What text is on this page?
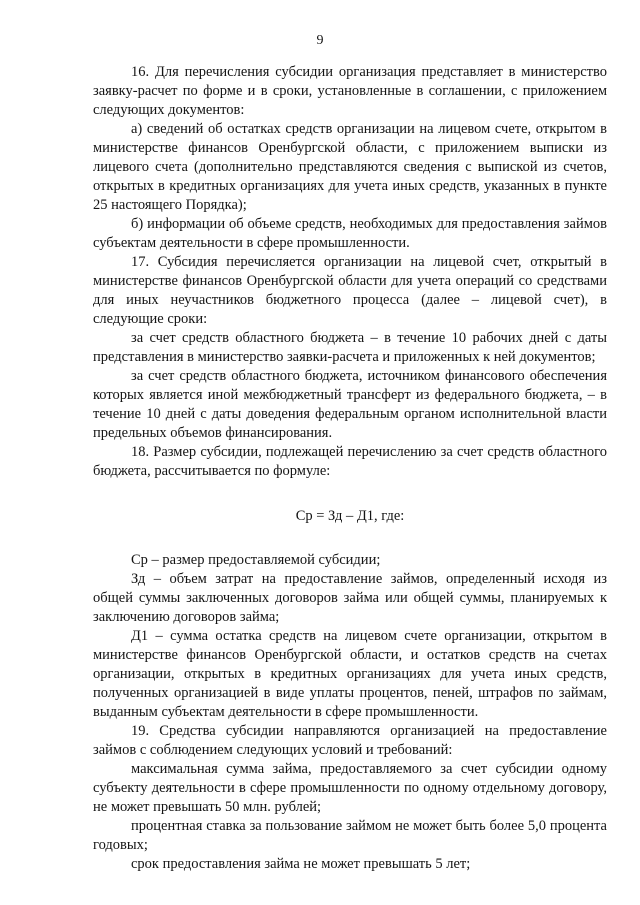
9

16. Для перечисления субсидии организация представляет в министерство заявку-расчет по форме и в сроки, установленные в соглашении, с приложением следующих документов:

а) сведений об остатках средств организации на лицевом счете, открытом в министерстве финансов Оренбургской области, с приложением выписки из лицевого счета (дополнительно представляются сведения с выпиской из счетов, открытых в кредитных организациях для учета иных средств, указанных в пункте 25 настоящего Порядка);

б) информации об объеме средств, необходимых для предоставления займов субъектам деятельности в сфере промышленности.

17. Субсидия перечисляется организации на лицевой счет, открытый в министерстве финансов Оренбургской области для учета операций со средствами для иных неучастников бюджетного процесса (далее – лицевой счет), в следующие сроки:

за счет средств областного бюджета – в течение 10 рабочих дней с даты представления в министерство заявки-расчета и приложенных к ней документов;

за счет средств областного бюджета, источником финансового обеспечения которых является иной межбюджетный трансферт из федерального бюджета, – в течение 10 дней с даты доведения федеральным органом исполнительной власти предельных объемов финансирования.

18. Размер субсидии, подлежащей перечислению за счет средств областного бюджета, рассчитывается по формуле:

Ср = Зд – Д1, где:

Ср – размер предоставляемой субсидии;

Зд – объем затрат на предоставление займов, определенный исходя из общей суммы заключенных договоров займа или общей суммы, планируемых к заключению договоров займа;

Д1 – сумма остатка средств на лицевом счете организации, открытом в министерстве финансов Оренбургской области, и остатков средств на счетах организации, открытых в кредитных организациях для учета иных средств, полученных организацией в виде уплаты процентов, пеней, штрафов по займам, выданным субъектам деятельности в сфере промышленности.

19. Средства субсидии направляются организацией на предоставление займов с соблюдением следующих условий и требований:

максимальная сумма займа, предоставляемого за счет субсидии одному субъекту деятельности в сфере промышленности по одному отдельному договору, не может превышать 50 млн. рублей;

процентная ставка за пользование займом не может быть более 5,0 процента годовых;

срок предоставления займа не может превышать 5 лет;
